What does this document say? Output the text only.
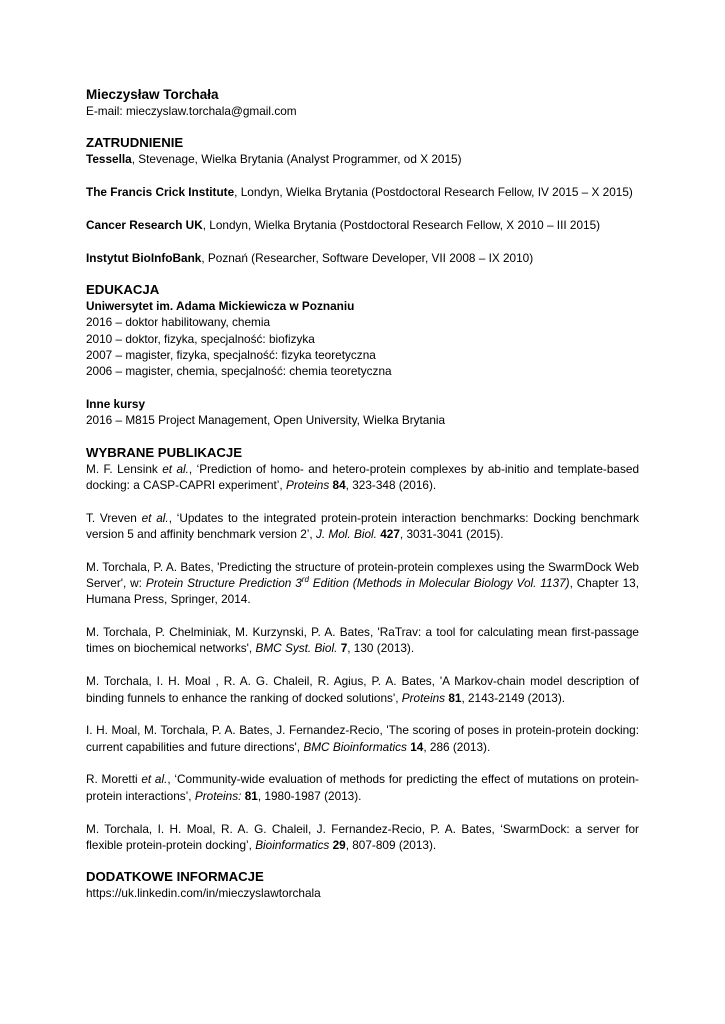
Mieczysław Torchała

E-mail: mieczyslaw.torchala@gmail.com

ZATRUDNIENIE

Tessella, Stevenage, Wielka Brytania (Analyst Programmer, od X 2015)

The Francis Crick Institute, Londyn, Wielka Brytania (Postdoctoral Research Fellow, IV 2015 – X 2015)

Cancer Research UK, Londyn, Wielka Brytania (Postdoctoral Research Fellow, X 2010 – III 2015)

Instytut BioInfoBank, Poznań (Researcher, Software Developer, VII 2008 – IX 2010)

EDUKACJA

Uniwersytet im. Adama Mickiewicza w Poznaniu

2016 – doktor habilitowany, chemia

2010 – doktor, fizyka, specjalność: biofizyka

2007 – magister, fizyka, specjalność: fizyka teoretyczna

2006 – magister, chemia, specjalność: chemia teoretyczna

Inne kursy

2016 – M815 Project Management, Open University, Wielka Brytania

WYBRANE PUBLIKACJE

M. F. Lensink et al., ‘Prediction of homo- and hetero-protein complexes by ab-initio and template-based docking: a CASP-CAPRI experiment’, Proteins 84, 323-348 (2016).

T. Vreven et al., ‘Updates to the integrated protein-protein interaction benchmarks: Docking benchmark version 5 and affinity benchmark version 2’, J. Mol. Biol. 427, 3031-3041 (2015).

M. Torchala, P. A. Bates, 'Predicting the structure of protein-protein complexes using the SwarmDock Web Server', w: Protein Structure Prediction 3rd Edition (Methods in Molecular Biology Vol. 1137), Chapter 13, Humana Press, Springer, 2014.

M. Torchala, P. Chelminiak, M. Kurzynski, P. A. Bates, 'RaTrav: a tool for calculating mean first-passage times on biochemical networks', BMC Syst. Biol. 7, 130 (2013).

M. Torchala, I. H. Moal , R. A. G. Chaleil, R. Agius, P. A. Bates, 'A Markov-chain model description of binding funnels to enhance the ranking of docked solutions', Proteins 81, 2143-2149 (2013).

I. H. Moal, M. Torchala, P. A. Bates, J. Fernandez-Recio, 'The scoring of poses in protein-protein docking: current capabilities and future directions', BMC Bioinformatics 14, 286 (2013).

R. Moretti et al., ‘Community-wide evaluation of methods for predicting the effect of mutations on protein-protein interactions’, Proteins: 81, 1980-1987 (2013).

M. Torchala, I. H. Moal, R. A. G. Chaleil, J. Fernandez-Recio, P. A. Bates, ‘SwarmDock: a server for flexible protein-protein docking’, Bioinformatics 29, 807-809 (2013).

DODATKOWE INFORMACJE

https://uk.linkedin.com/in/mieczyslawtorchala
